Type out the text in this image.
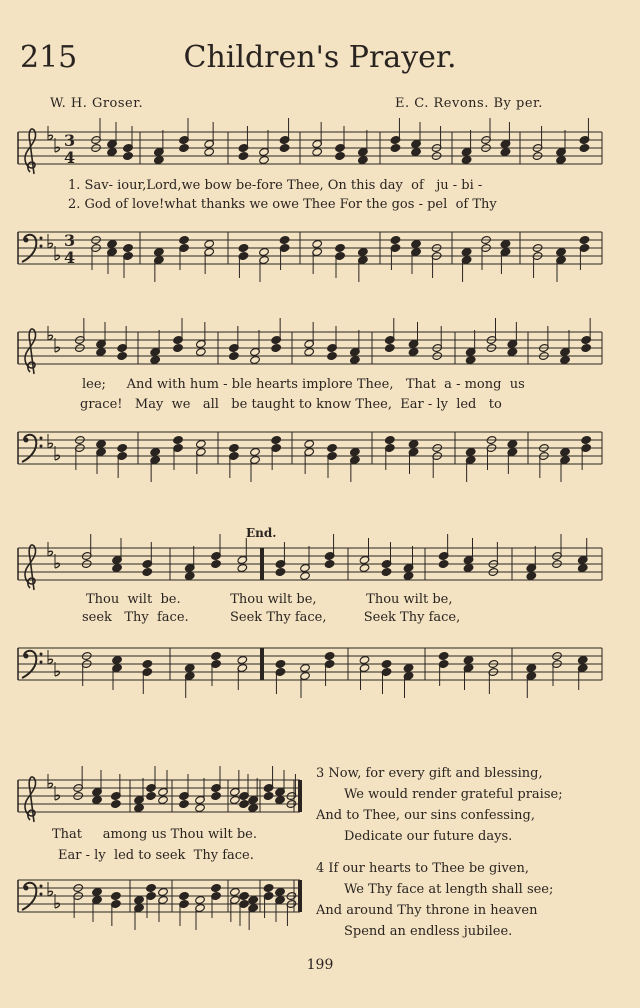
215	Children's Prayer.
W. H. Groser.	E. C. Revons. By per.
3
4
3
4
1. Sav- iour,Lord,we bow be-fore Thee, On this day of ju - bi -
2. God of love!what thanks we owe Thee For the gos - pel of Thy
lee; And with hum - ble hearts implore Thee, That a - mong us
grace! May we all be taught to know Thee, Ear - ly led to
End.
Thou wilt be.	Thou wilt be,	Thou wilt be,
seek Thy face.	Seek Thy face,	Seek Thy face,
That among us Thou wilt be.
Ear - ly led to seek Thy face.
3 Now, for every gift and blessing,
We would render grateful praise;
And to Thee, our sins confessing,
Dedicate our future days.
4 If our hearts to Thee be given,
We Thy face at length shall see;
And around Thy throne in heaven
Spend an endless jubilee.
199
